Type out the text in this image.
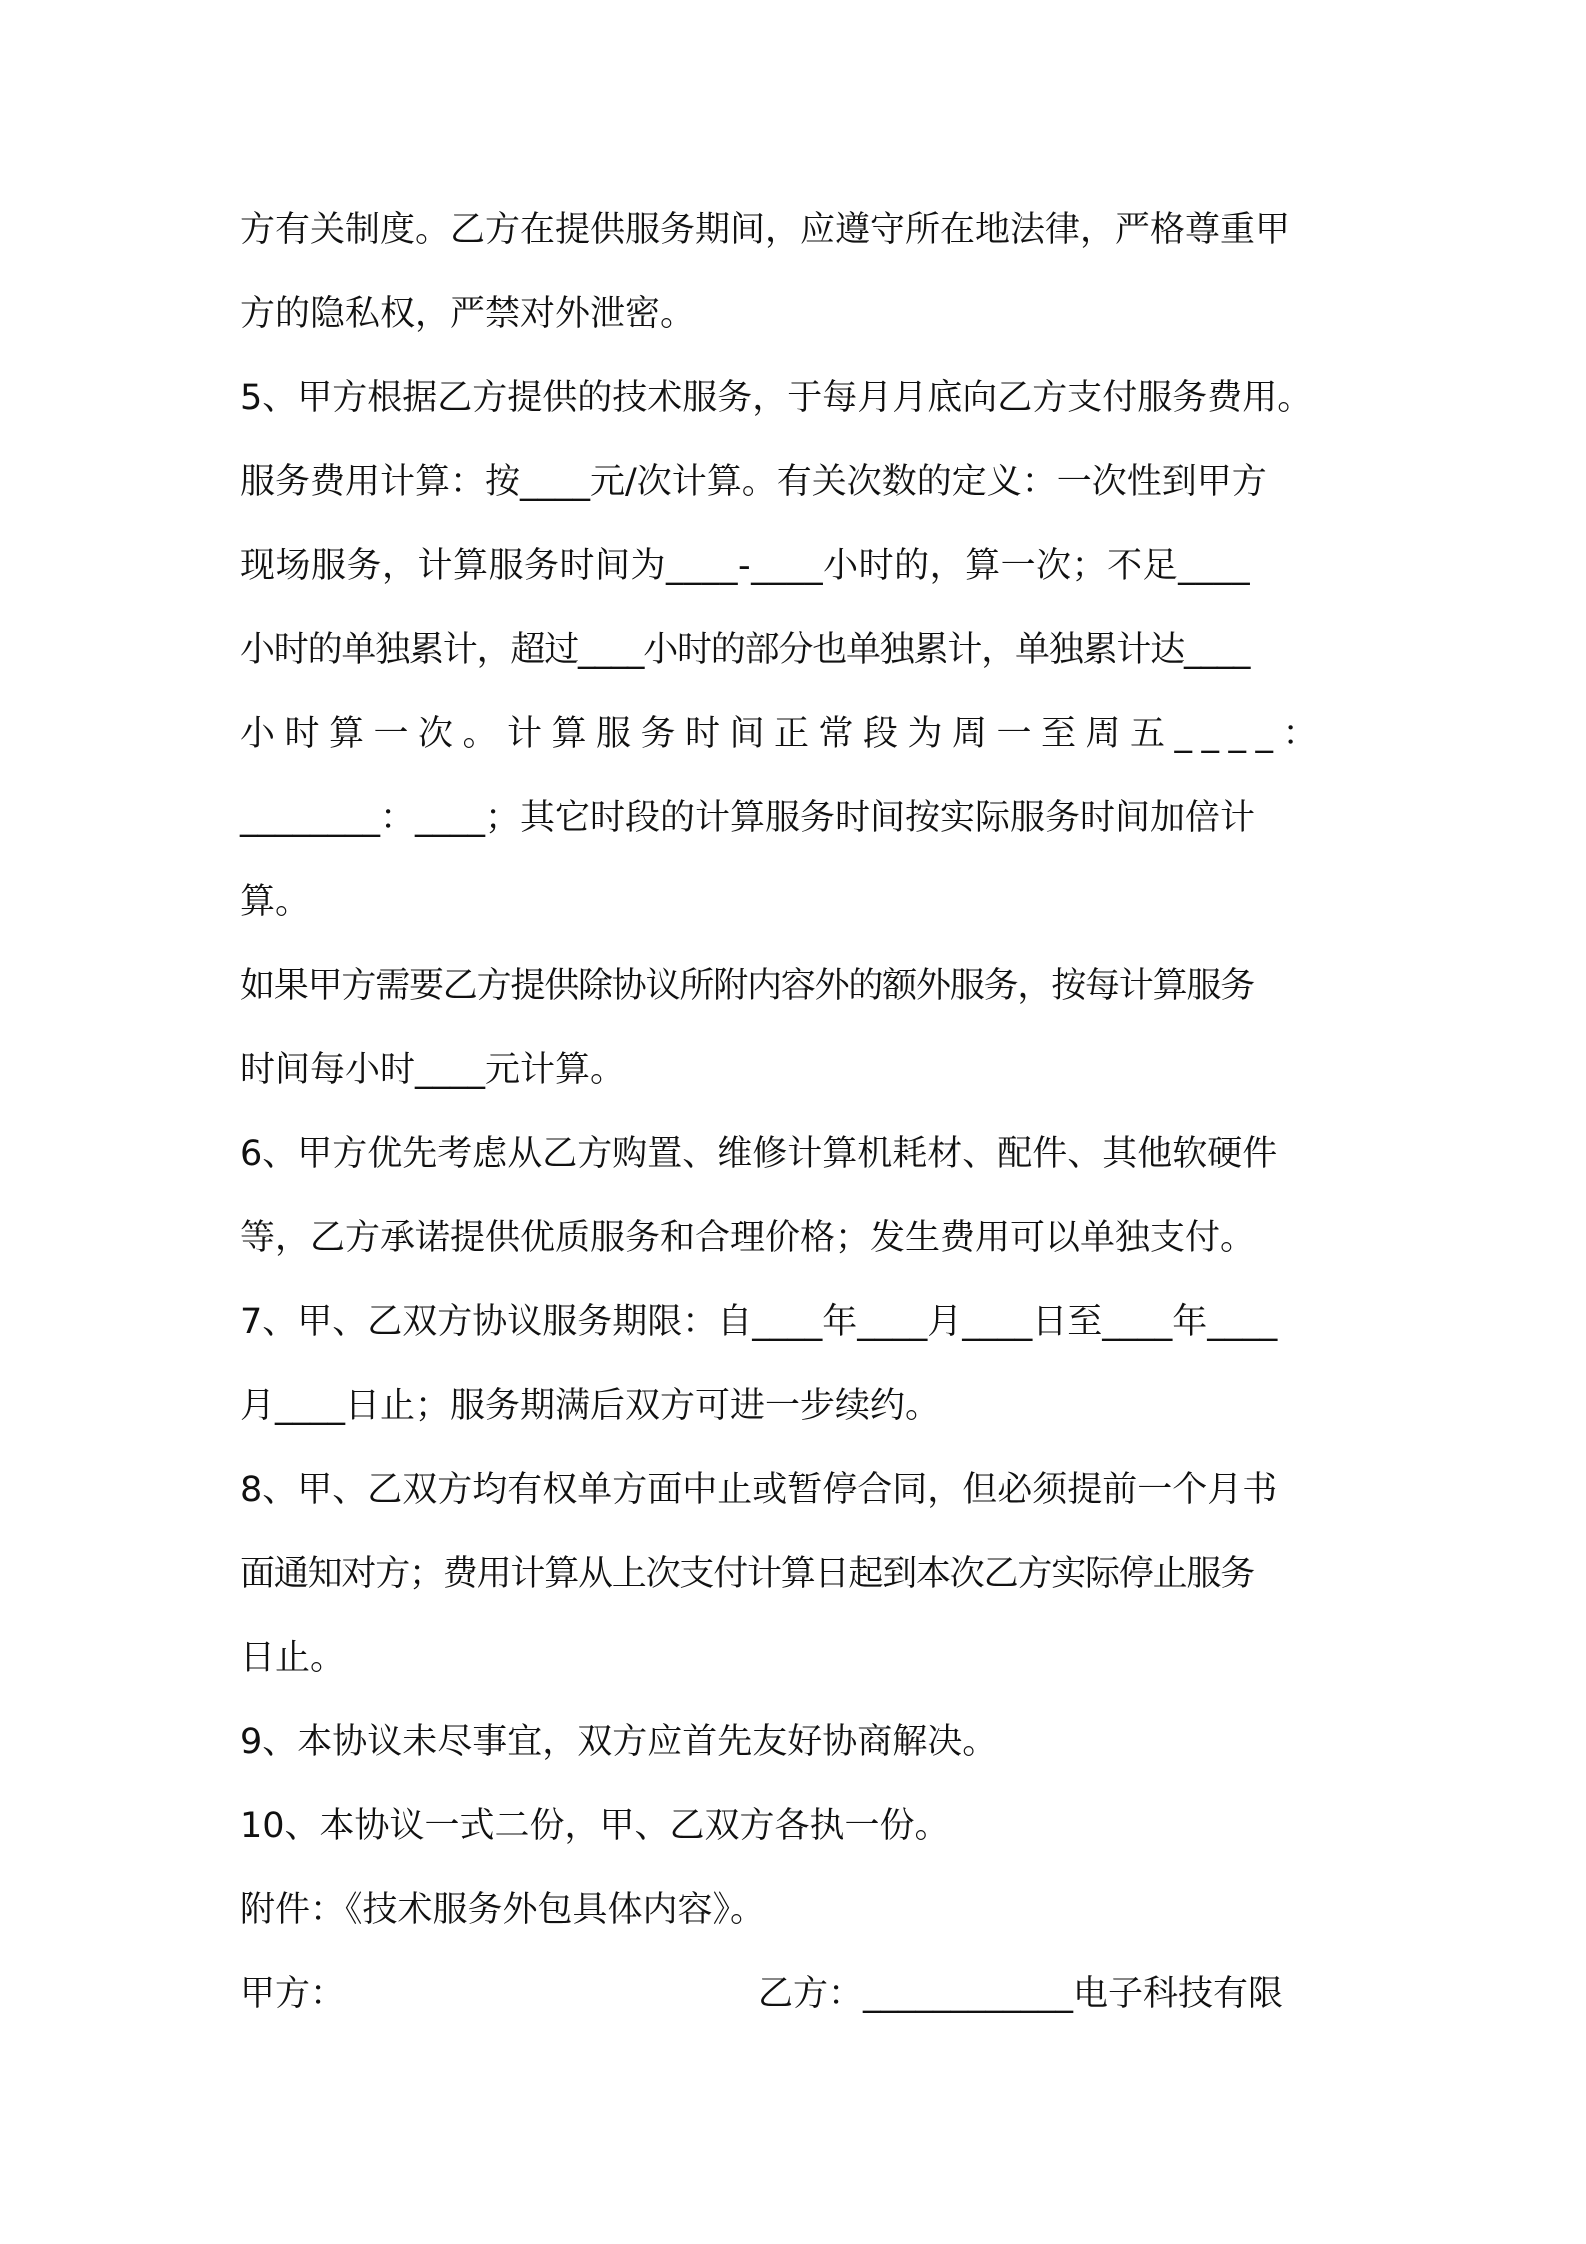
方有关制度。乙方在提供服务期间，应遵守所在地法律，严格尊重甲
方的隐私权，严禁对外泄密。
5、甲方根据乙方提供的技术服务，于每月月底向乙方支付服务费用。
服务费用计算：按____元/次计算。有关次数的定义：一次性到甲方
现场服务，计算服务时间为____-____小时的，算一次；不足____
小时的单独累计，超过____小时的部分也单独累计，单独累计达____
小时算一次。计算服务时间正常段为周一至周五____：
________：____；其它时段的计算服务时间按实际服务时间加倍计
算。
如果甲方需要乙方提供除协议所附内容外的额外服务，按每计算服务
时间每小时____元计算。
6、甲方优先考虑从乙方购置、维修计算机耗材、配件、其他软硬件
等，乙方承诺提供优质服务和合理价格；发生费用可以单独支付。
7、甲、乙双方协议服务期限：自____年____月____日至____年____
月____日止；服务期满后双方可进一步续约。
8、甲、乙双方均有权单方面中止或暂停合同，但必须提前一个月书
面通知对方；费用计算从上次支付计算日起到本次乙方实际停止服务
日止。
9、本协议未尽事宜，双方应首先友好协商解决。
10、本协议一式二份，甲、乙双方各执一份。
附件：《技术服务外包具体内容》。
甲方：	乙方：____________电子科技有限
